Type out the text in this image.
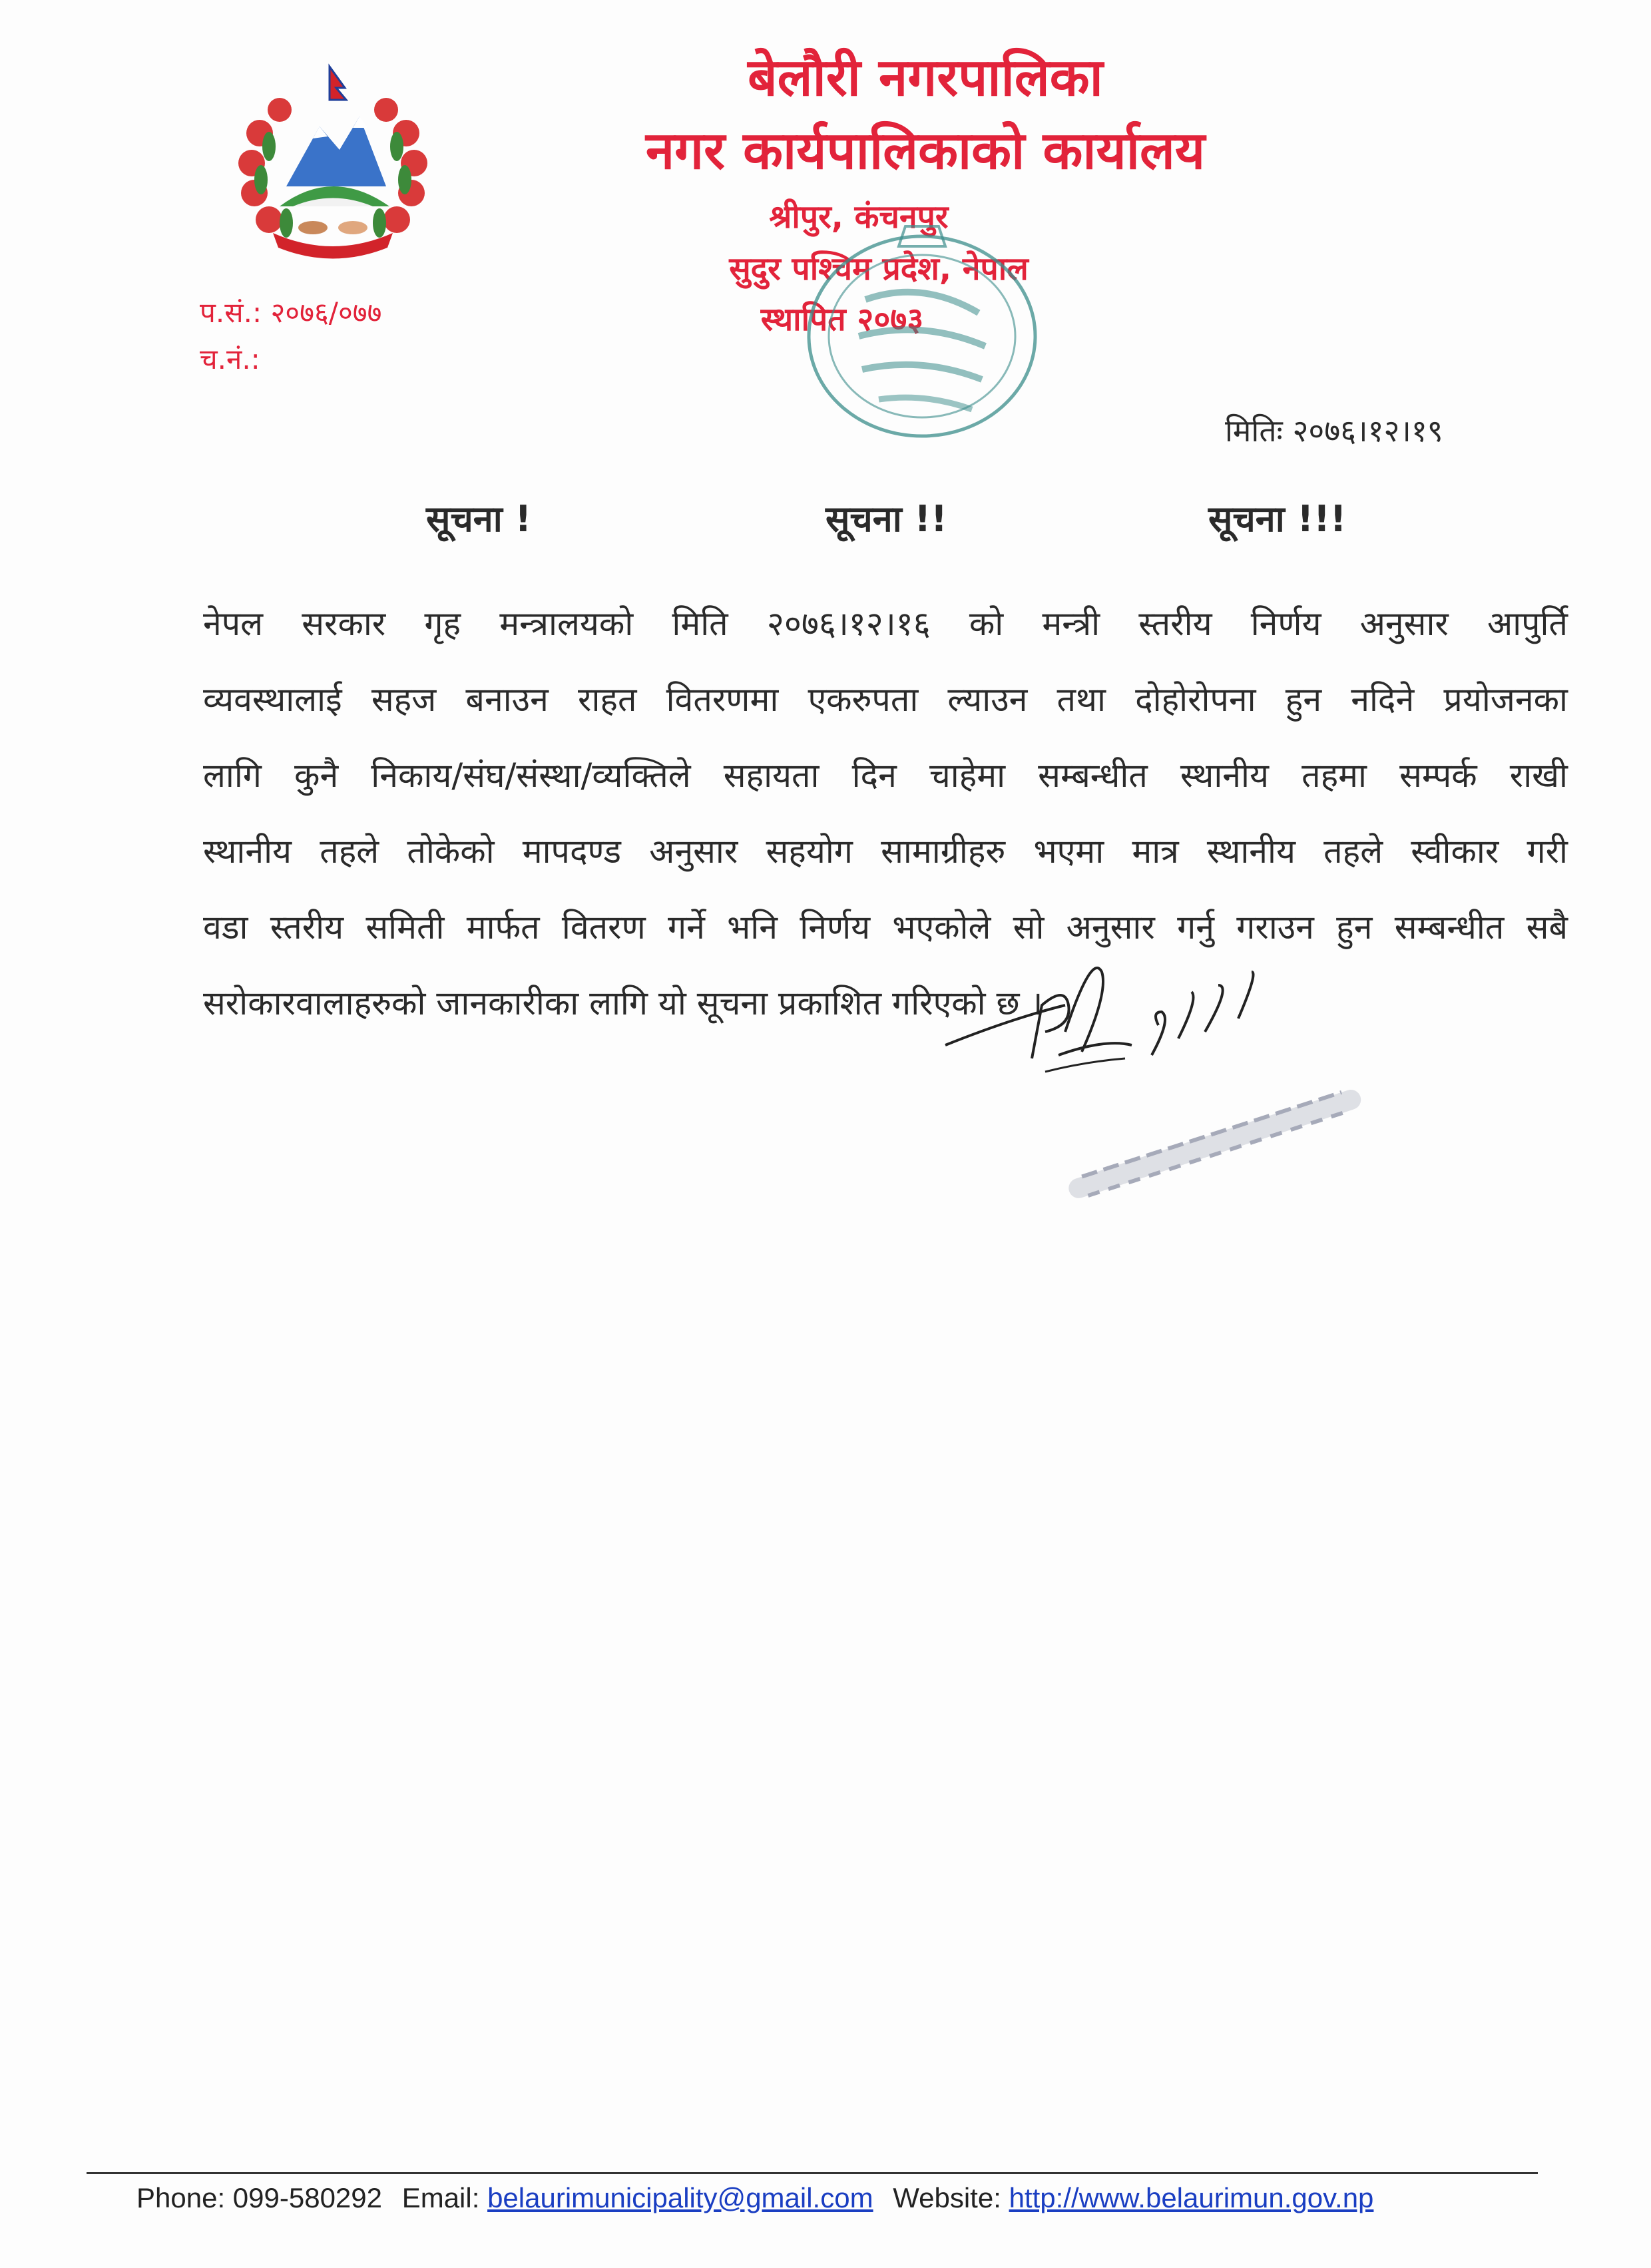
बेलौरी नगरपालिका
नगर कार्यपालिकाको कार्यालय
श्रीपुर, कंचनपुर
सुदुर पश्चिम प्रदेश, नेपाल
स्थापित २०७३
प.सं.: २०७६/०७७
च.नं.:
मितिः २०७६।१२।१९
सूचना !	सूचना !!	सूचना !!!
नेपल सरकार गृह मन्त्रालयको मिति २०७६।१२।१६ को मन्त्री स्तरीय निर्णय अनुसार आपुर्ति
व्यवस्थालाई सहज बनाउन राहत वितरणमा एकरुपता ल्याउन तथा दोहोरोपना हुन नदिने प्रयोजनका
लागि कुनै निकाय/संघ/संस्था/व्यक्तिले सहायता दिन चाहेमा सम्बन्धीत स्थानीय तहमा सम्पर्क राखी
स्थानीय तहले तोकेको मापदण्ड अनुसार सहयोग सामाग्रीहरु भएमा मात्र स्थानीय तहले स्वीकार गरी
वडा स्तरीय समिती मार्फत वितरण गर्ने भनि निर्णय भएकोले सो अनुसार गर्नु गराउन हुन सम्बन्धीत सबै
सरोकारवालाहरुको जानकारीका लागि यो सूचना प्रकाशित गरिएको छ ।
Phone: 099-580292 Email: belaurimunicipality@gmail.com Website: http://www.belaurimun.gov.np
